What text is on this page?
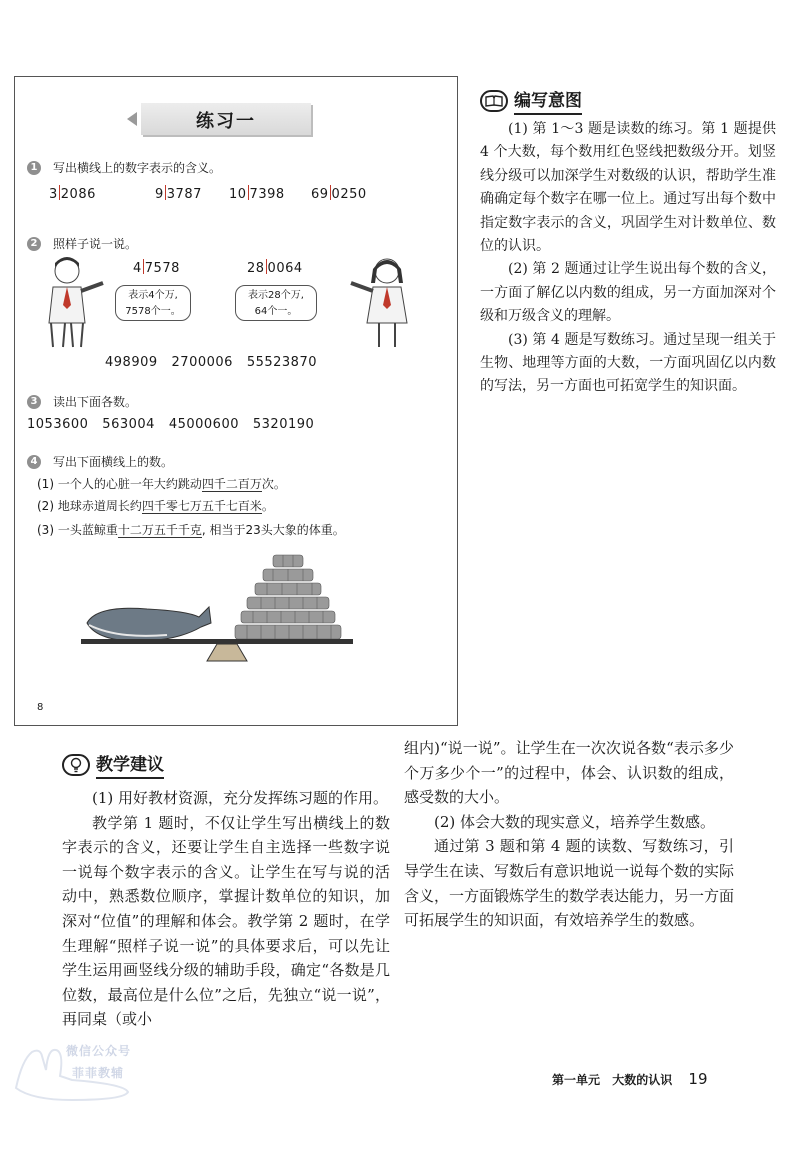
练习一
1 写出横线上的数字表示的含义。
3 2086	9 3787 10 7398 69 0250
2 照样子说一说。
4 7578	28 0064
表示4个万,
7578个一。
表示28个万,
64个一。
498909   2700006   55523870
3 读出下面各数。
1053600   563004   45000600   5320190
4 写出下面横线上的数。
(1) 一个人的心脏一年大约跳动四千二百万次。
(2) 地球赤道周长约四千零七万五千七百米。
(3) 一头蓝鲸重十二万五千千克, 相当于23头大象的体重。
8
编写意图

(1) 第 1～3 题是读数的练习。第 1 题提供 4 个大数，每个数用红色竖线把数级分开。划竖线分级可以加深学生对数级的认识，帮助学生准确确定每个数字在哪一位上。通过写出每个数中指定数字表示的含义，巩固学生对计数单位、数位的认识。

(2) 第 2 题通过让学生说出每个数的含义，一方面了解亿以内数的组成，另一方面加深对个级和万级含义的理解。

(3) 第 4 题是写数练习。通过呈现一组关于生物、地理等方面的大数，一方面巩固亿以内数的写法，另一方面也可拓宽学生的知识面。

教学建议

(1) 用好教材资源，充分发挥练习题的作用。

教学第 1 题时，不仅让学生写出横线上的数字表示的含义，还要让学生自主选择一些数字说一说每个数字表示的含义。让学生在写与说的活动中，熟悉数位顺序，掌握计数单位的知识，加深对“位值”的理解和体会。教学第 2 题时，在学生理解“照样子说一说”的具体要求后，可以先让学生运用画竖线分级的辅助手段，确定“各数是几位数，最高位是什么位”之后，先独立“说一说”，再同桌（或小

组内)“说一说”。让学生在一次次说各数“表示多少个万多少个一”的过程中，体会、认识数的组成，感受数的大小。

(2) 体会大数的现实意义，培养学生数感。

通过第 3 题和第 4 题的读数、写数练习，引导学生在读、写数后有意识地说一说每个数的实际含义，一方面锻炼学生的数学表达能力，另一方面可拓展学生的知识面，有效培养学生的数感。

微信公众号
菲菲教辅	第一单元 大数的认识 19
